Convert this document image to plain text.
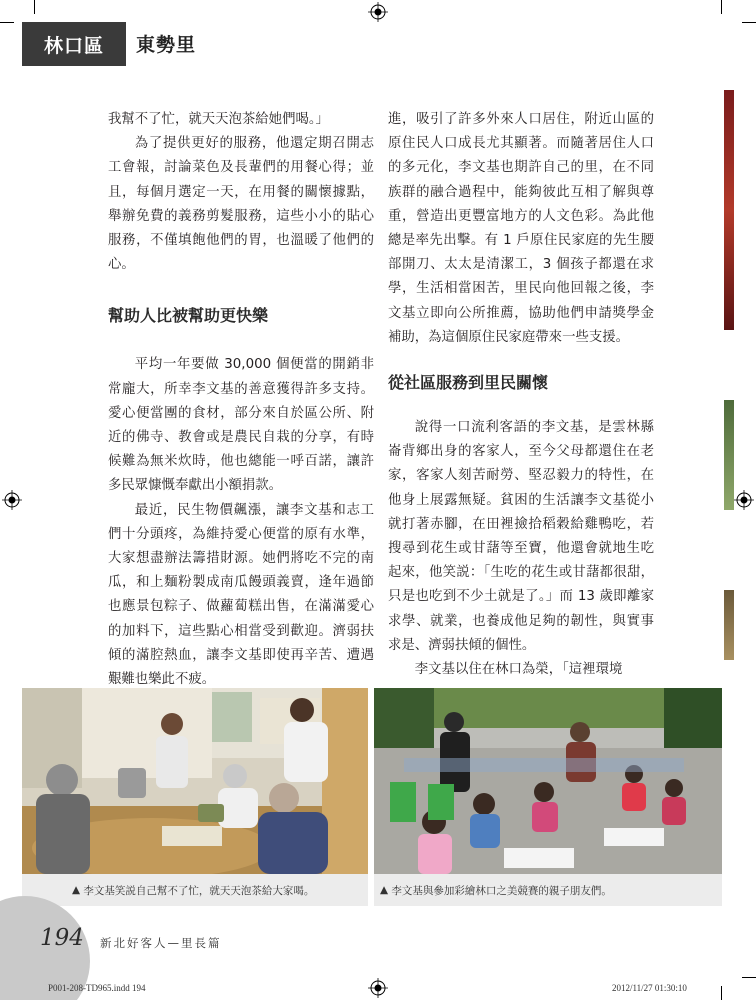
林口區	東勢里

我幫不了忙，就天天泡茶給她們喝。」

為了提供更好的服務，他還定期召開志工會報，討論菜色及長輩們的用餐心得；並且，每個月選定一天，在用餐的關懷據點，舉辦免費的義務剪髮服務，這些小小的貼心服務，不僅填飽他們的胃，也溫暖了他們的心。

幫助人比被幫助更快樂

平均一年要做 30,000 個便當的開銷非常龐大，所幸李文基的善意獲得許多支持。愛心便當團的食材，部分來自於區公所、附近的佛寺、教會或是農民自栽的分享，有時候難為無米炊時，他也總能一呼百諾，讓許多民眾慷慨奉獻出小額捐款。

最近，民生物價飆漲，讓李文基和志工們十分頭疼，為維持愛心便當的原有水準，大家想盡辦法籌措財源。她們將吃不完的南瓜，和上麵粉製成南瓜饅頭義賣，逢年過節也應景包粽子、做蘿蔔糕出售，在滿滿愛心的加料下，這些點心相當受到歡迎。濟弱扶傾的滿腔熱血，讓李文基即使再辛苦、遭遇艱難也樂此不疲。

進，吸引了許多外來人口居住，附近山區的原住民人口成長尤其顯著。而隨著居住人口的多元化，李文基也期許自己的里，在不同族群的融合過程中，能夠彼此互相了解與尊重，營造出更豐富地方的人文色彩。為此他總是率先出擊。有 1 戶原住民家庭的先生腰部開刀、太太是清潔工，3 個孩子都還在求學，生活相當困苦，里民向他回報之後，李文基立即向公所推薦，協助他們申請獎學金補助，為這個原住民家庭帶來一些支援。

從社區服務到里民關懷

說得一口流利客語的李文基，是雲林縣崙背鄉出身的客家人，至今父母都還住在老家，客家人刻苦耐勞、堅忍毅力的特性，在他身上展露無疑。貧困的生活讓李文基從小就打著赤腳，在田裡撿拾稻穀給雞鴨吃，若搜尋到花生或甘藷等至寶，他還會就地生吃起來，他笑説：「生吃的花生或甘藷都很甜，只是也吃到不少土就是了。」而 13 歲即離家求學、就業，也養成他足夠的韌性，與實事求是、濟弱扶傾的個性。

李文基以住在林口為榮，「這裡環境

▲ 李文基笑説自己幫不了忙，就天天泡茶給大家喝。	▲ 李文基與參加彩繪林口之美競賽的親子朋友們。
194 新北好客人—里長篇
P001-208-TD965.indd 194	2012/11/27 01:30:10
